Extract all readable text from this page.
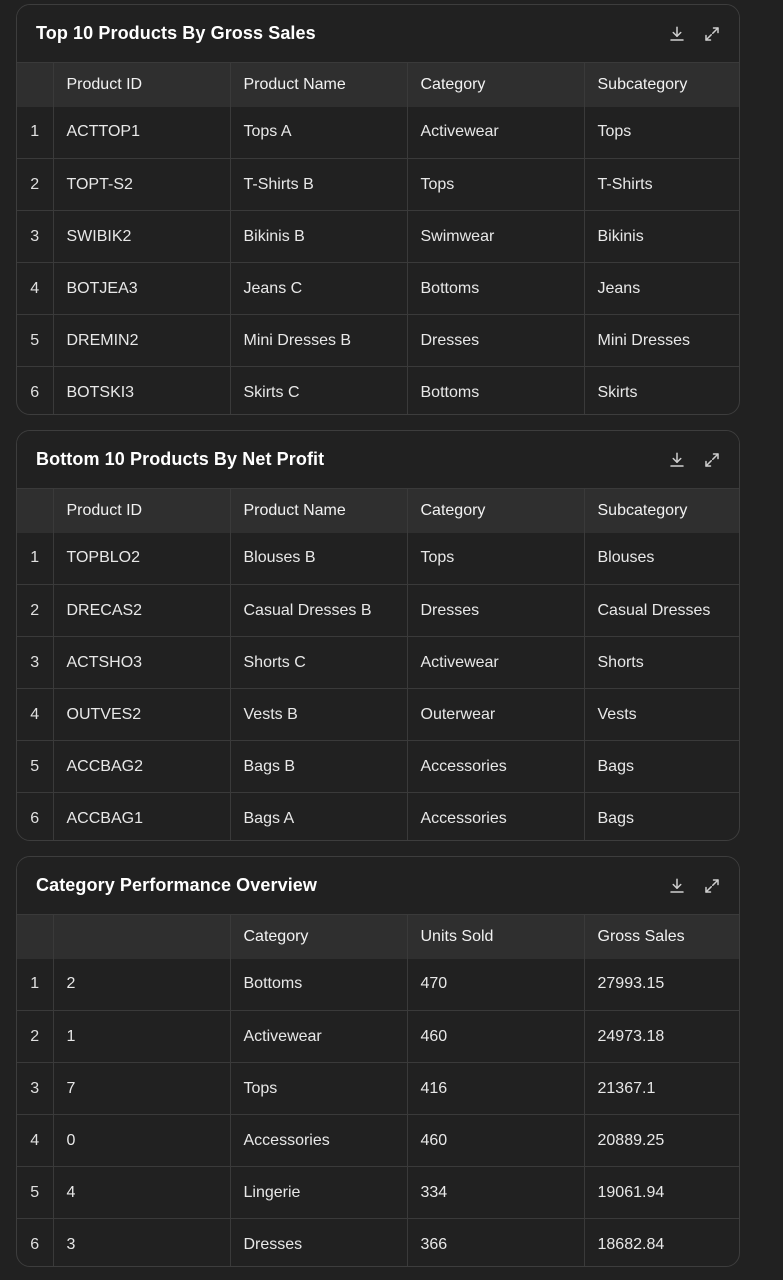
Top 10 Products By Gross Sales
	Product ID	Product Name	Category	Subcategory
1	ACTTOP1	Tops A	Activewear	Tops
2	TOPT-S2	T-Shirts B	Tops	T-Shirts
3	SWIBIK2	Bikinis B	Swimwear	Bikinis
4	BOTJEA3	Jeans C	Bottoms	Jeans
5	DREMIN2	Mini Dresses B	Dresses	Mini Dresses
6	BOTSKI3	Skirts C	Bottoms	Skirts
Bottom 10 Products By Net Profit
	Product ID	Product Name	Category	Subcategory
1	TOPBLO2	Blouses B	Tops	Blouses
2	DRECAS2	Casual Dresses B	Dresses	Casual Dresses
3	ACTSHO3	Shorts C	Activewear	Shorts
4	OUTVES2	Vests B	Outerwear	Vests
5	ACCBAG2	Bags B	Accessories	Bags
6	ACCBAG1	Bags A	Accessories	Bags
Category Performance Overview
		Category	Units Sold	Gross Sales
1	2	Bottoms	470	27993.15
2	1	Activewear	460	24973.18
3	7	Tops	416	21367.1
4	0	Accessories	460	20889.25
5	4	Lingerie	334	19061.94
6	3	Dresses	366	18682.84
